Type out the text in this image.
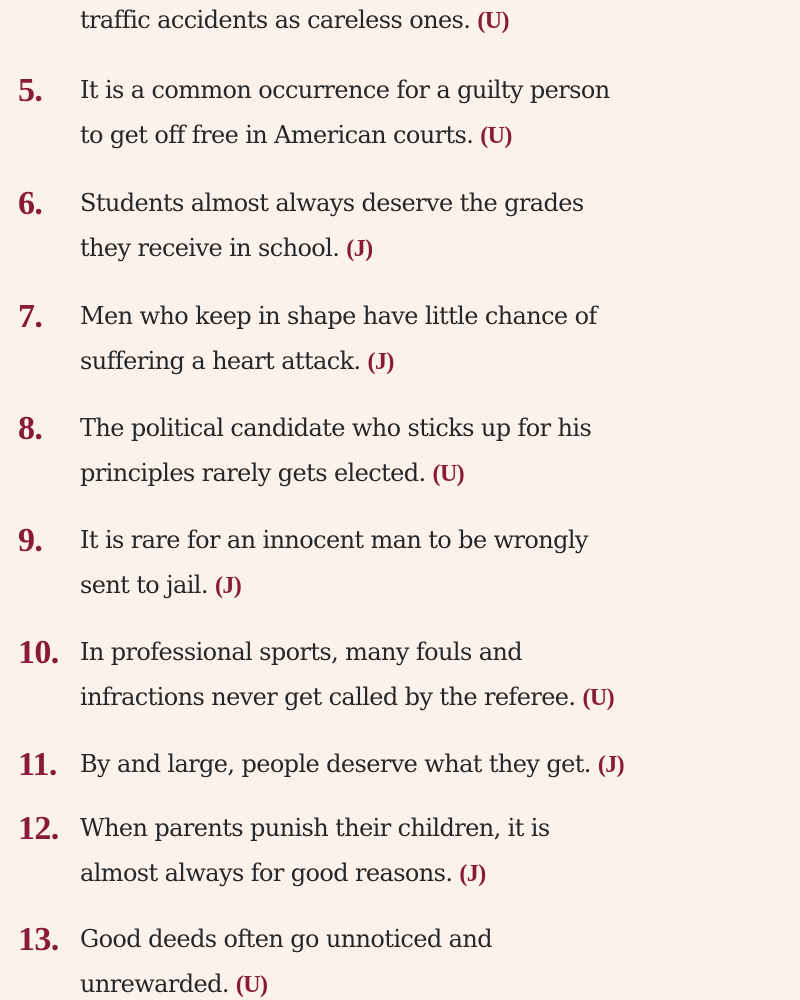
traffic accidents as careless ones. (U)
5. It is a common occurrence for a guilty person
to get off free in American courts. (U)
6. Students almost always deserve the grades
they receive in school. (J)
7. Men who keep in shape have little chance of
suffering a heart attack. (J)
8. The political candidate who sticks up for his
principles rarely gets elected. (U)
9. It is rare for an innocent man to be wrongly
sent to jail. (J)
10. In professional sports, many fouls and
infractions never get called by the referee. (U)
11. By and large, people deserve what they get. (J)
12. When parents punish their children, it is
almost always for good reasons. (J)
13. Good deeds often go unnoticed and
unrewarded. (U)
